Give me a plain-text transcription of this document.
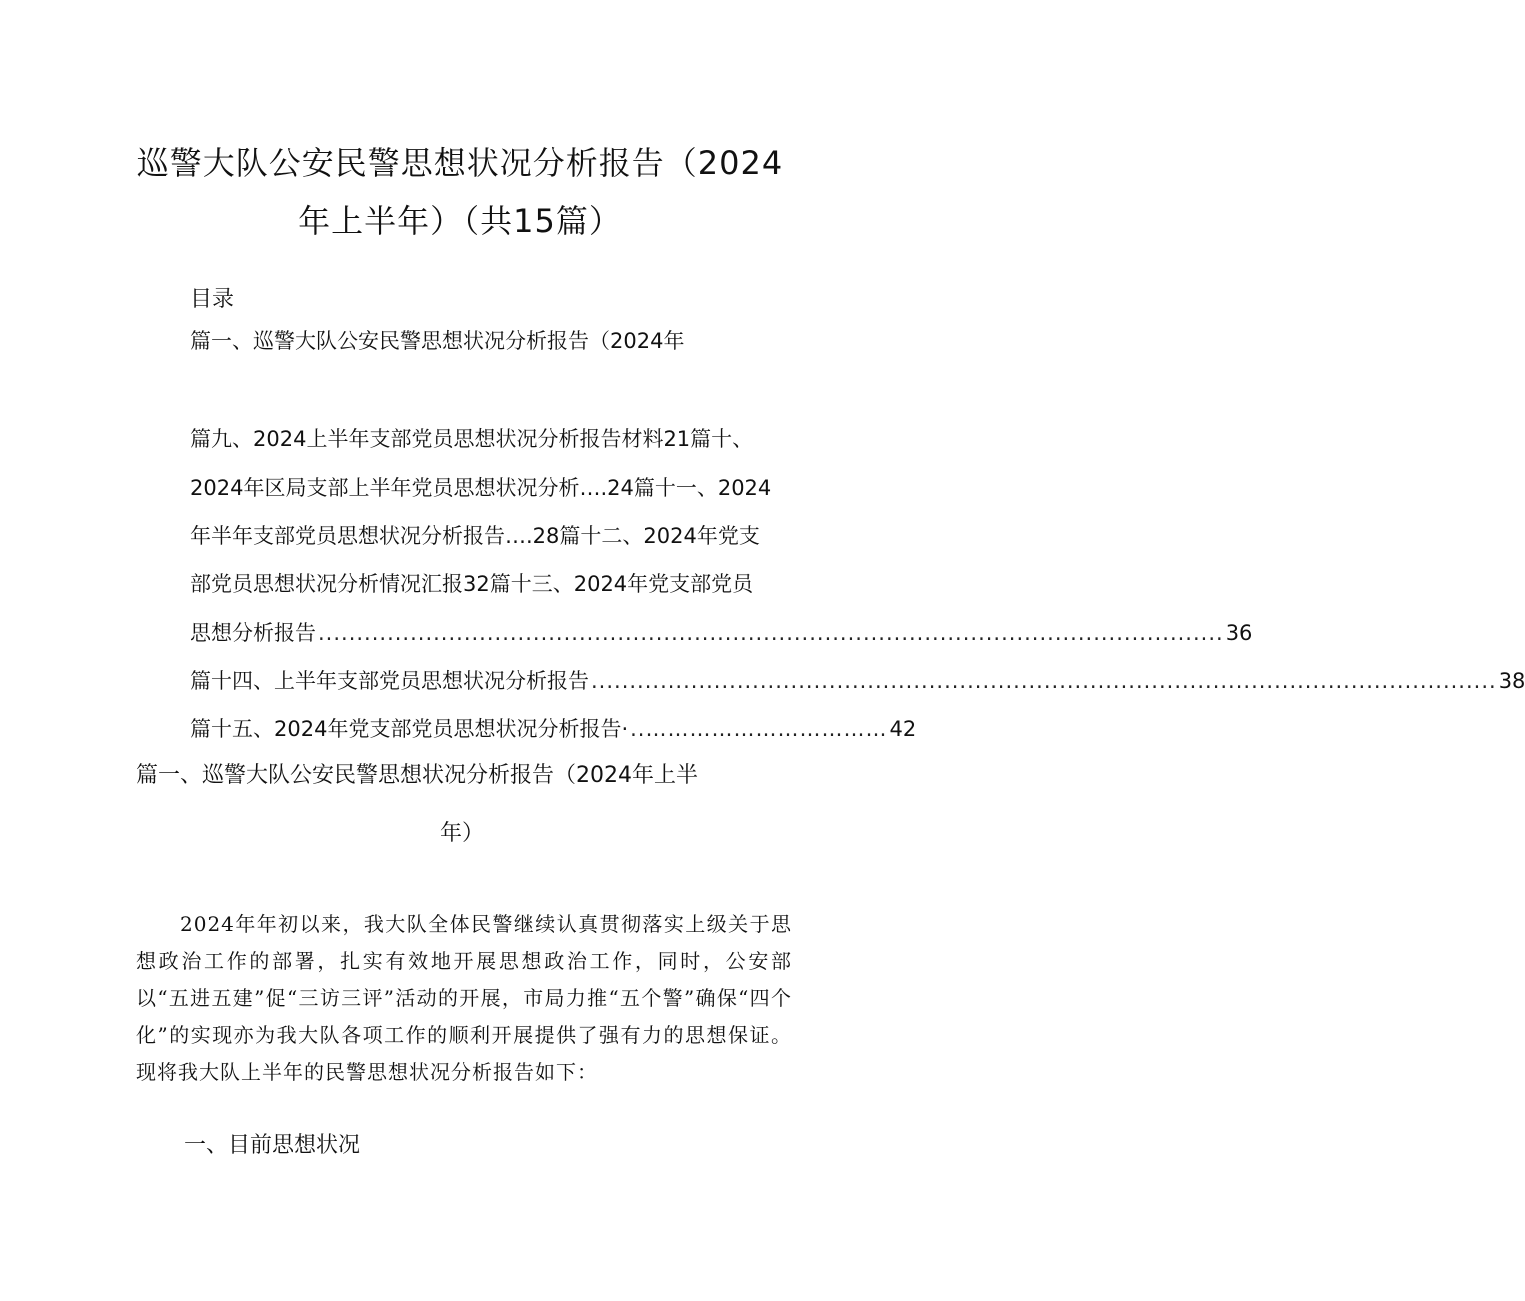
巡警大队公安民警思想状况分析报告（2024
年上半年）（共15篇）
目录
篇一、巡警大队公安民警思想状况分析报告（2024年
篇九、2024上半年支部党员思想状况分析报告材料21篇十、
2024年区局支部上半年党员思想状况分析….24篇十一、2024
年半年支部党员思想状况分析报告….28篇十二、2024年党支
部党员思想状况分析情况汇报32篇十三、2024年党支部党员
思想分析报告 ...................................................................................................................... 36
篇十四、上半年支部党员思想状况分析报告 ...................................................................................................................... 38
篇十五、2024年党支部党员思想状况分析报告· ..…………………………… 42
篇一、巡警大队公安民警思想状况分析报告（2024年上半
年）
2024年年初以来，我大队全体民警继续认真贯彻落实上级关于思想政治工作的部署，扎实有效地开展思想政治工作，同时，公安部以“五进五建”促“三访三评”活动的开展，市局力推“五个警”确保“四个化”的实现亦为我大队各项工作的顺利开展提供了强有力的思想保证。现将我大队上半年的民警思想状况分析报告如下：
一、目前思想状况
